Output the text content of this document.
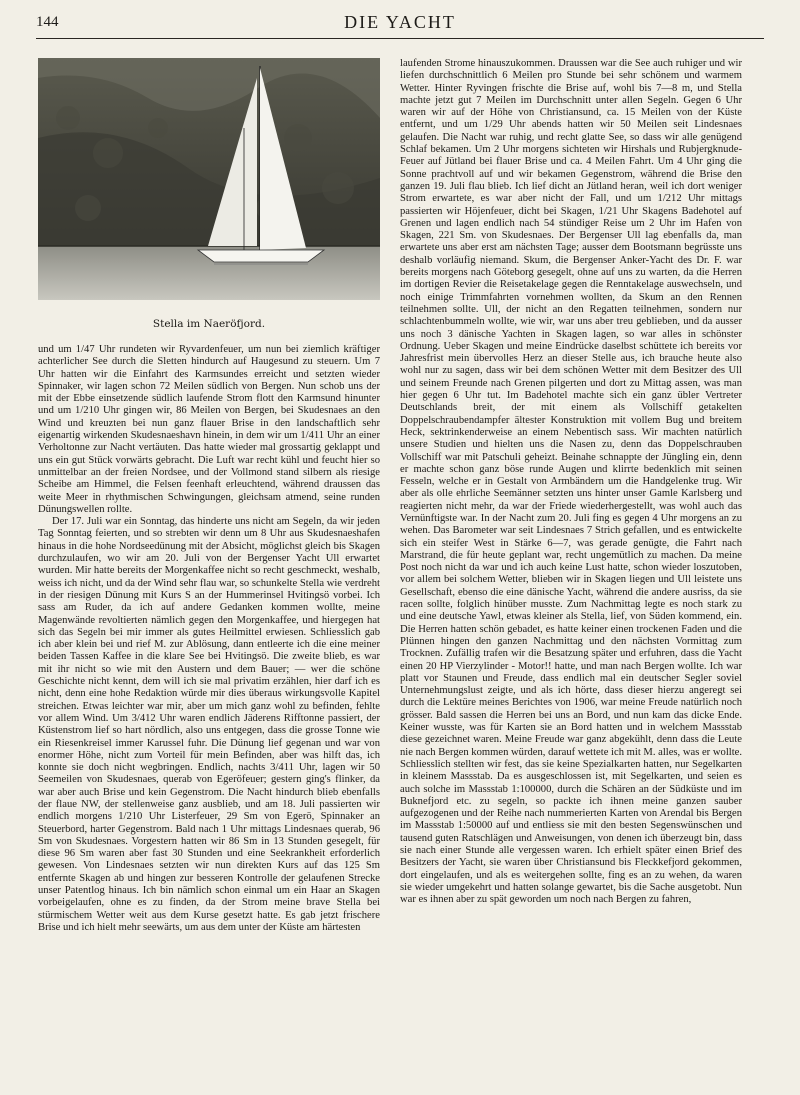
144	DIE YACHT
Stella im Naeröfjord.

und um 1/47 Uhr rundeten wir Ryvardenfeuer, um nun bei ziemlich kräftiger achterlicher See durch die Sletten hindurch auf Haugesund zu steuern. Um 7 Uhr hatten wir die Einfahrt des Karmsundes erreicht und setzten wieder Spinnaker, wir lagen schon 72 Meilen südlich von Bergen. Nun schob uns der mit der Ebbe einsetzende südlich laufende Strom flott den Karmsund hinunter und um 1/210 Uhr gingen wir, 86 Meilen von Bergen, bei Skudesnaes an den Wind und kreuzten bei nun ganz flauer Brise in den landschaftlich sehr eigenartig wirkenden Skudesnaeshavn hinein, in dem wir um 1/411 Uhr an einer Verholtonne zur Nacht vertäuten. Das hatte wieder mal grossartig geklappt und uns ein gut Stück vorwärts gebracht. Die Luft war recht kühl und feucht hier so unmittelbar an der freien Nordsee, und der Vollmond stand silbern als riesige Scheibe am Himmel, die Felsen feenhaft erleuchtend, während draussen das weite Meer in rhythmischen Schwingungen, gleichsam atmend, seine runden Dünungswellen rollte.

Der 17. Juli war ein Sonntag, das hinderte uns nicht am Segeln, da wir jeden Tag Sonntag feierten, und so strebten wir denn um 8 Uhr aus Skudesnaeshafen hinaus in die hohe Nordseedünung mit der Absicht, möglichst gleich bis Skagen durchzulaufen, wo wir am 20. Juli von der Bergenser Yacht Ull erwartet wurden. Mir hatte bereits der Morgenkaffee nicht so recht geschmeckt, weshalb, weiss ich nicht, und da der Wind sehr flau war, so schunkelte Stella wie verdreht in der riesigen Dünung mit Kurs S an der Hummerinsel Hvitingsö vorbei. Ich sass am Ruder, da ich auf andere Gedanken kommen wollte, meine Magenwände revoltierten nämlich gegen den Morgenkaffee, und hiergegen hat sich das Segeln bei mir immer als gutes Heilmittel erwiesen. Schliesslich gab ich aber klein bei und rief M. zur Ablösung, dann entleerte ich die eine meiner beiden Tassen Kaffee in die klare See bei Hvitingsö. Die zweite blieb, es war mit ihr nicht so wie mit den Austern und dem Bauer; — wer die schöne Geschichte nicht kennt, dem will ich sie mal privatim erzählen, hier darf ich es nicht, denn eine hohe Redaktion würde mir dies überaus wirkungsvolle Kapitel streichen. Etwas leichter war mir, aber um mich ganz wohl zu befinden, fehlte vor allem Wind. Um 3/412 Uhr waren endlich Jäderens Rifftonne passiert, der Küstenstrom lief so hart nördlich, also uns entgegen, dass die grosse Tonne wie ein Riesenkreisel immer Karussel fuhr. Die Dünung lief gegenan und war von enormer Höhe, nicht zum Vorteil für mein Befinden, aber was hilft das, ich konnte sie doch nicht wegbringen. Endlich, nachts 3/411 Uhr, lagen wir 50 Seemeilen von Skudesnaes, querab von Egeröfeuer; gestern ging's flinker, da war aber auch Brise und kein Gegenstrom. Die Nacht hindurch blieb ebenfalls der flaue NW, der stellenweise ganz ausblieb, und am 18. Juli passierten wir endlich morgens 1/210 Uhr Listerfeuer, 29 Sm von Egerö, Spinnaker an Steuerbord, harter Gegenstrom. Bald nach 1 Uhr mittags Lindesnaes querab, 96 Sm von Skudesnaes. Vorgestern hatten wir 86 Sm in 13 Stunden gesegelt, für diese 96 Sm waren aber fast 30 Stunden und eine Seekrankheit erforderlich gewesen. Von Lindesnaes setzten wir nun direkten Kurs auf das 125 Sm entfernte Skagen ab und hingen zur besseren Kontrolle der gelaufenen Strecke unser Patentlog hinaus. Ich bin nämlich schon einmal um ein Haar an Skagen vorbeigelaufen, ohne es zu finden, da der Strom meine brave Stella bei stürmischem Wetter weit aus dem Kurse gesetzt hatte. Es gab jetzt frischere Brise und ich hielt mehr seewärts, um aus dem unter der Küste am härtesten

laufenden Strome hinauszukommen. Draussen war die See auch ruhiger und wir liefen durchschnittlich 6 Meilen pro Stunde bei sehr schönem und warmem Wetter. Hinter Ryvingen frischte die Brise auf, wohl bis 7—8 m, und Stella machte jetzt gut 7 Meilen im Durchschnitt unter allen Segeln. Gegen 6 Uhr waren wir auf der Höhe von Christiansund, ca. 15 Meilen von der Küste entfernt, und um 1/29 Uhr abends hatten wir 50 Meilen seit Lindesnaes gelaufen. Die Nacht war ruhig, und recht glatte See, so dass wir alle genügend Schlaf bekamen. Um 2 Uhr morgens sichteten wir Hirshals und Rubjergknude-Feuer auf Jütland bei flauer Brise und ca. 4 Meilen Fahrt. Um 4 Uhr ging die Sonne prachtvoll auf und wir bekamen Gegenstrom, während die Brise den ganzen 19. Juli flau blieb. Ich lief dicht an Jütland heran, weil ich dort weniger Strom erwartete, es war aber nicht der Fall, und um 1/212 Uhr mittags passierten wir Höjenfeuer, dicht bei Skagen, 1/21 Uhr Skagens Badehotel auf Grenen und lagen endlich nach 54 stündiger Reise um 2 Uhr im Hafen von Skagen, 221 Sm. von Skudesnaes. Der Bergenser Ull lag ebenfalls da, man erwartete uns aber erst am nächsten Tage; ausser dem Bootsmann begrüsste uns deshalb vorläufig niemand. Skum, die Bergenser Anker-Yacht des Dr. F. war bereits morgens nach Göteborg gesegelt, ohne auf uns zu warten, da die Herren im dortigen Revier die Reisetakelage gegen die Renntakelage auswechseln, und noch einige Trimmfahrten vornehmen wollten, da Skum an den Rennen teilnehmen sollte. Ull, der nicht an den Regatten teilnehmen, sondern nur schlachtenbummeln wollte, wie wir, war uns aber treu geblieben, und da ausser uns noch 3 dänische Yachten in Skagen lagen, so war alles in schönster Ordnung. Ueber Skagen und meine Eindrücke daselbst schüttete ich bereits vor Jahresfrist mein übervolles Herz an dieser Stelle aus, ich brauche heute also wohl nur zu sagen, dass wir bei dem schönen Wetter mit dem Besitzer des Ull und seinem Freunde nach Grenen pilgerten und dort zu Mittag assen, was man hier gegen 6 Uhr tut. Im Badehotel machte sich ein ganz übler Vertreter Deutschlands breit, der mit einem als Vollschiff getakelten Doppelschraubendampfer ältester Konstruktion mit vollem Bug und breitem Heck, sektrinkenderweise an einem Nebentisch sass. Wir machten natürlich unsere Studien und hielten uns die Nasen zu, denn das Doppelschrauben Vollschiff war mit Patschuli geheizt. Beinahe schnappte der Jüngling ein, denn er machte schon ganz böse runde Augen und klirrte bedenklich mit seinen Fesseln, welche er in Gestalt von Armbändern um die Handgelenke trug. Wir aber als olle ehrliche Seemänner setzten uns hinter unser Gamle Karlsberg und reagierten nicht mehr, da war der Friede wiederhergestellt, was wohl auch das Vernünftigste war. In der Nacht zum 20. Juli fing es gegen 4 Uhr morgens an zu wehen. Das Barometer war seit Lindesnaes 7 Strich gefallen, und es entwickelte sich ein steifer West in Stärke 6—7, was gerade genügte, die Fahrt nach Marstrand, die für heute geplant war, recht ungemütlich zu machen. Da meine Post noch nicht da war und ich auch keine Lust hatte, schon wieder loszutoben, vor allem bei solchem Wetter, blieben wir in Skagen liegen und Ull leistete uns Gesellschaft, ebenso die eine dänische Yacht, während die andere ausriss, da sie racen sollte, folglich hinüber musste. Zum Nachmittag legte es noch stark zu und eine deutsche Yawl, etwas kleiner als Stella, lief, von Süden kommend, ein. Die Herren hatten schön gebadet, es hatte keiner einen trockenen Faden und die Plünnen hingen den ganzen Nachmittag und den nächsten Vormittag zum Trocknen. Zufällig trafen wir die Besatzung später und erfuhren, dass die Yacht einen 20 HP Vierzylinder - Motor!! hatte, und man nach Bergen wollte. Ich war platt vor Staunen und Freude, dass endlich mal ein deutscher Segler soviel Unternehmungslust zeigte, und als ich hörte, dass dieser hierzu angeregt sei durch die Lektüre meines Berichtes von 1906, war meine Freude natürlich noch grösser. Bald sassen die Herren bei uns an Bord, und nun kam das dicke Ende. Keiner wusste, was für Karten sie an Bord hatten und in welchem Massstab diese gezeichnet waren. Meine Freude war ganz abgekühlt, denn dass die Leute nie nach Bergen kommen würden, darauf wettete ich mit M. alles, was er wollte. Schliesslich stellten wir fest, das sie keine Spezialkarten hatten, nur Segelkarten in kleinem Massstab. Da es ausgeschlossen ist, mit Segelkarten, und seien es auch solche im Massstab 1:100000, durch die Schären an der Südküste und im Buknefjord etc. zu segeln, so packte ich ihnen meine ganzen sauber aufgezogenen und der Reihe nach nummerierten Karten von Arendal bis Bergen im Massstab 1:50000 auf und entliess sie mit den besten Segenswünschen und tausend guten Ratschlägen und Anweisungen, von denen ich überzeugt bin, dass sie nach einer Stunde alle vergessen waren. Ich erhielt später einen Brief des Besitzers der Yacht, sie waren über Christiansund bis Fleckkefjord gekommen, dort eingelaufen, und als es weitergehen sollte, fing es an zu wehen, da waren sie wieder umgekehrt und hatten solange gewartet, bis die Sache ausgetobt. Nun war es ihnen aber zu spät geworden um noch nach Bergen zu fahren,
